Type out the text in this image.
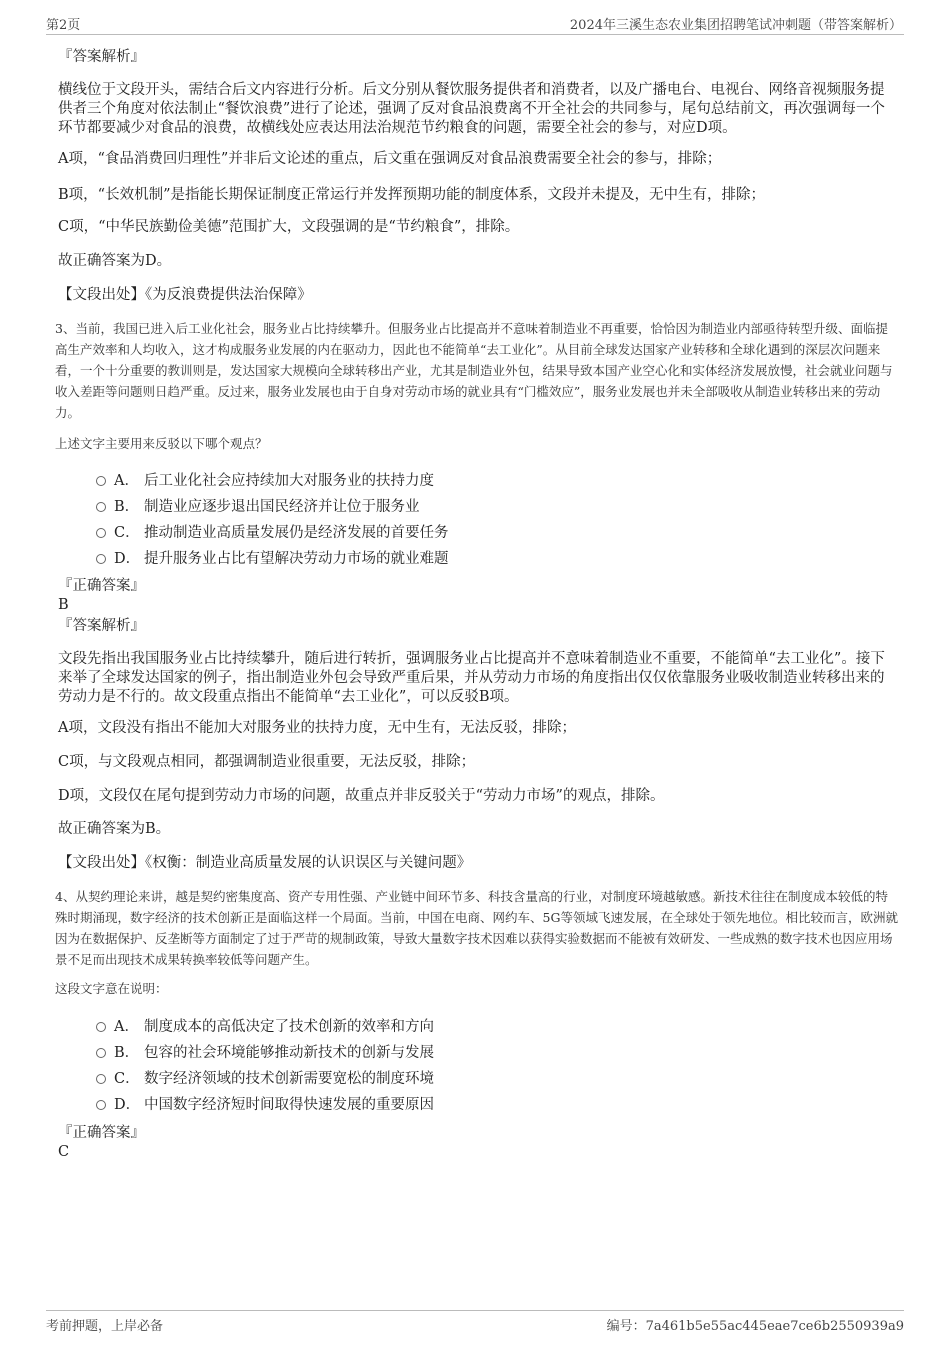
第2页	2024年三溪生态农业集团招聘笔试冲刺题（带答案解析）
『答案解析』
横线位于文段开头，需结合后文内容进行分析。后文分别从餐饮服务提供者和消费者，以及广播电台、电视台、网络音视频服务提供者三个角度对依法制止“餐饮浪费”进行了论述，强调了反对食品浪费离不开全社会的共同参与，尾句总结前文，再次强调每一个环节都要减少对食品的浪费，故横线处应表达用法治规范节约粮食的问题，需要全社会的参与，对应D项。
A项，“食品消费回归理性”并非后文论述的重点，后文重在强调反对食品浪费需要全社会的参与，排除；
B项，“长效机制”是指能长期保证制度正常运行并发挥预期功能的制度体系，文段并未提及，无中生有，排除；
C项，“中华民族勤俭美德”范围扩大，文段强调的是“节约粮食”，排除。
故正确答案为D。
【文段出处】《为反浪费提供法治保障》
3、当前，我国已进入后工业化社会，服务业占比持续攀升。但服务业占比提高并不意味着制造业不再重要，恰恰因为制造业内部亟待转型升级、面临提高生产效率和人均收入，这才构成服务业发展的内在驱动力，因此也不能简单“去工业化”。从目前全球发达国家产业转移和全球化遇到的深层次问题来看，一个十分重要的教训则是，发达国家大规模向全球转移出产业，尤其是制造业外包，结果导致本国产业空心化和实体经济发展放慢，社会就业问题与收入差距等问题则日趋严重。反过来，服务业发展也由于自身对劳动市场的就业具有“门槛效应”，服务业发展也并未全部吸收从制造业转移出来的劳动力。
上述文字主要用来反驳以下哪个观点？
A． 后工业化社会应持续加大对服务业的扶持力度
B． 制造业应逐步退出国民经济并让位于服务业
C． 推动制造业高质量发展仍是经济发展的首要任务
D． 提升服务业占比有望解决劳动力市场的就业难题
『正确答案』
B
『答案解析』
文段先指出我国服务业占比持续攀升，随后进行转折，强调服务业占比提高并不意味着制造业不重要，不能简单“去工业化”。接下来举了全球发达国家的例子，指出制造业外包会导致严重后果，并从劳动力市场的角度指出仅仅依靠服务业吸收制造业转移出来的劳动力是不行的。故文段重点指出不能简单“去工业化”，可以反驳B项。
A项，文段没有指出不能加大对服务业的扶持力度，无中生有，无法反驳，排除；
C项，与文段观点相同，都强调制造业很重要，无法反驳，排除；
D项，文段仅在尾句提到劳动力市场的问题，故重点并非反驳关于“劳动力市场”的观点，排除。
故正确答案为B。
【文段出处】《权衡：制造业高质量发展的认识误区与关键问题》
4、从契约理论来讲，越是契约密集度高、资产专用性强、产业链中间环节多、科技含量高的行业，对制度环境越敏感。新技术往往在制度成本较低的特殊时期涌现，数字经济的技术创新正是面临这样一个局面。当前，中国在电商、网约车、5G等领域飞速发展，在全球处于领先地位。相比较而言，欧洲就因为在数据保护、反垄断等方面制定了过于严苛的规制政策，导致大量数字技术因难以获得实验数据而不能被有效研发、一些成熟的数字技术也因应用场景不足而出现技术成果转换率较低等问题产生。
这段文字意在说明：
A． 制度成本的高低决定了技术创新的效率和方向
B． 包容的社会环境能够推动新技术的创新与发展
C． 数字经济领域的技术创新需要宽松的制度环境
D． 中国数字经济短时间取得快速发展的重要原因
『正确答案』
C
考前押题，上岸必备	编号：7a461b5e55ac445eae7ce6b2550939a9
